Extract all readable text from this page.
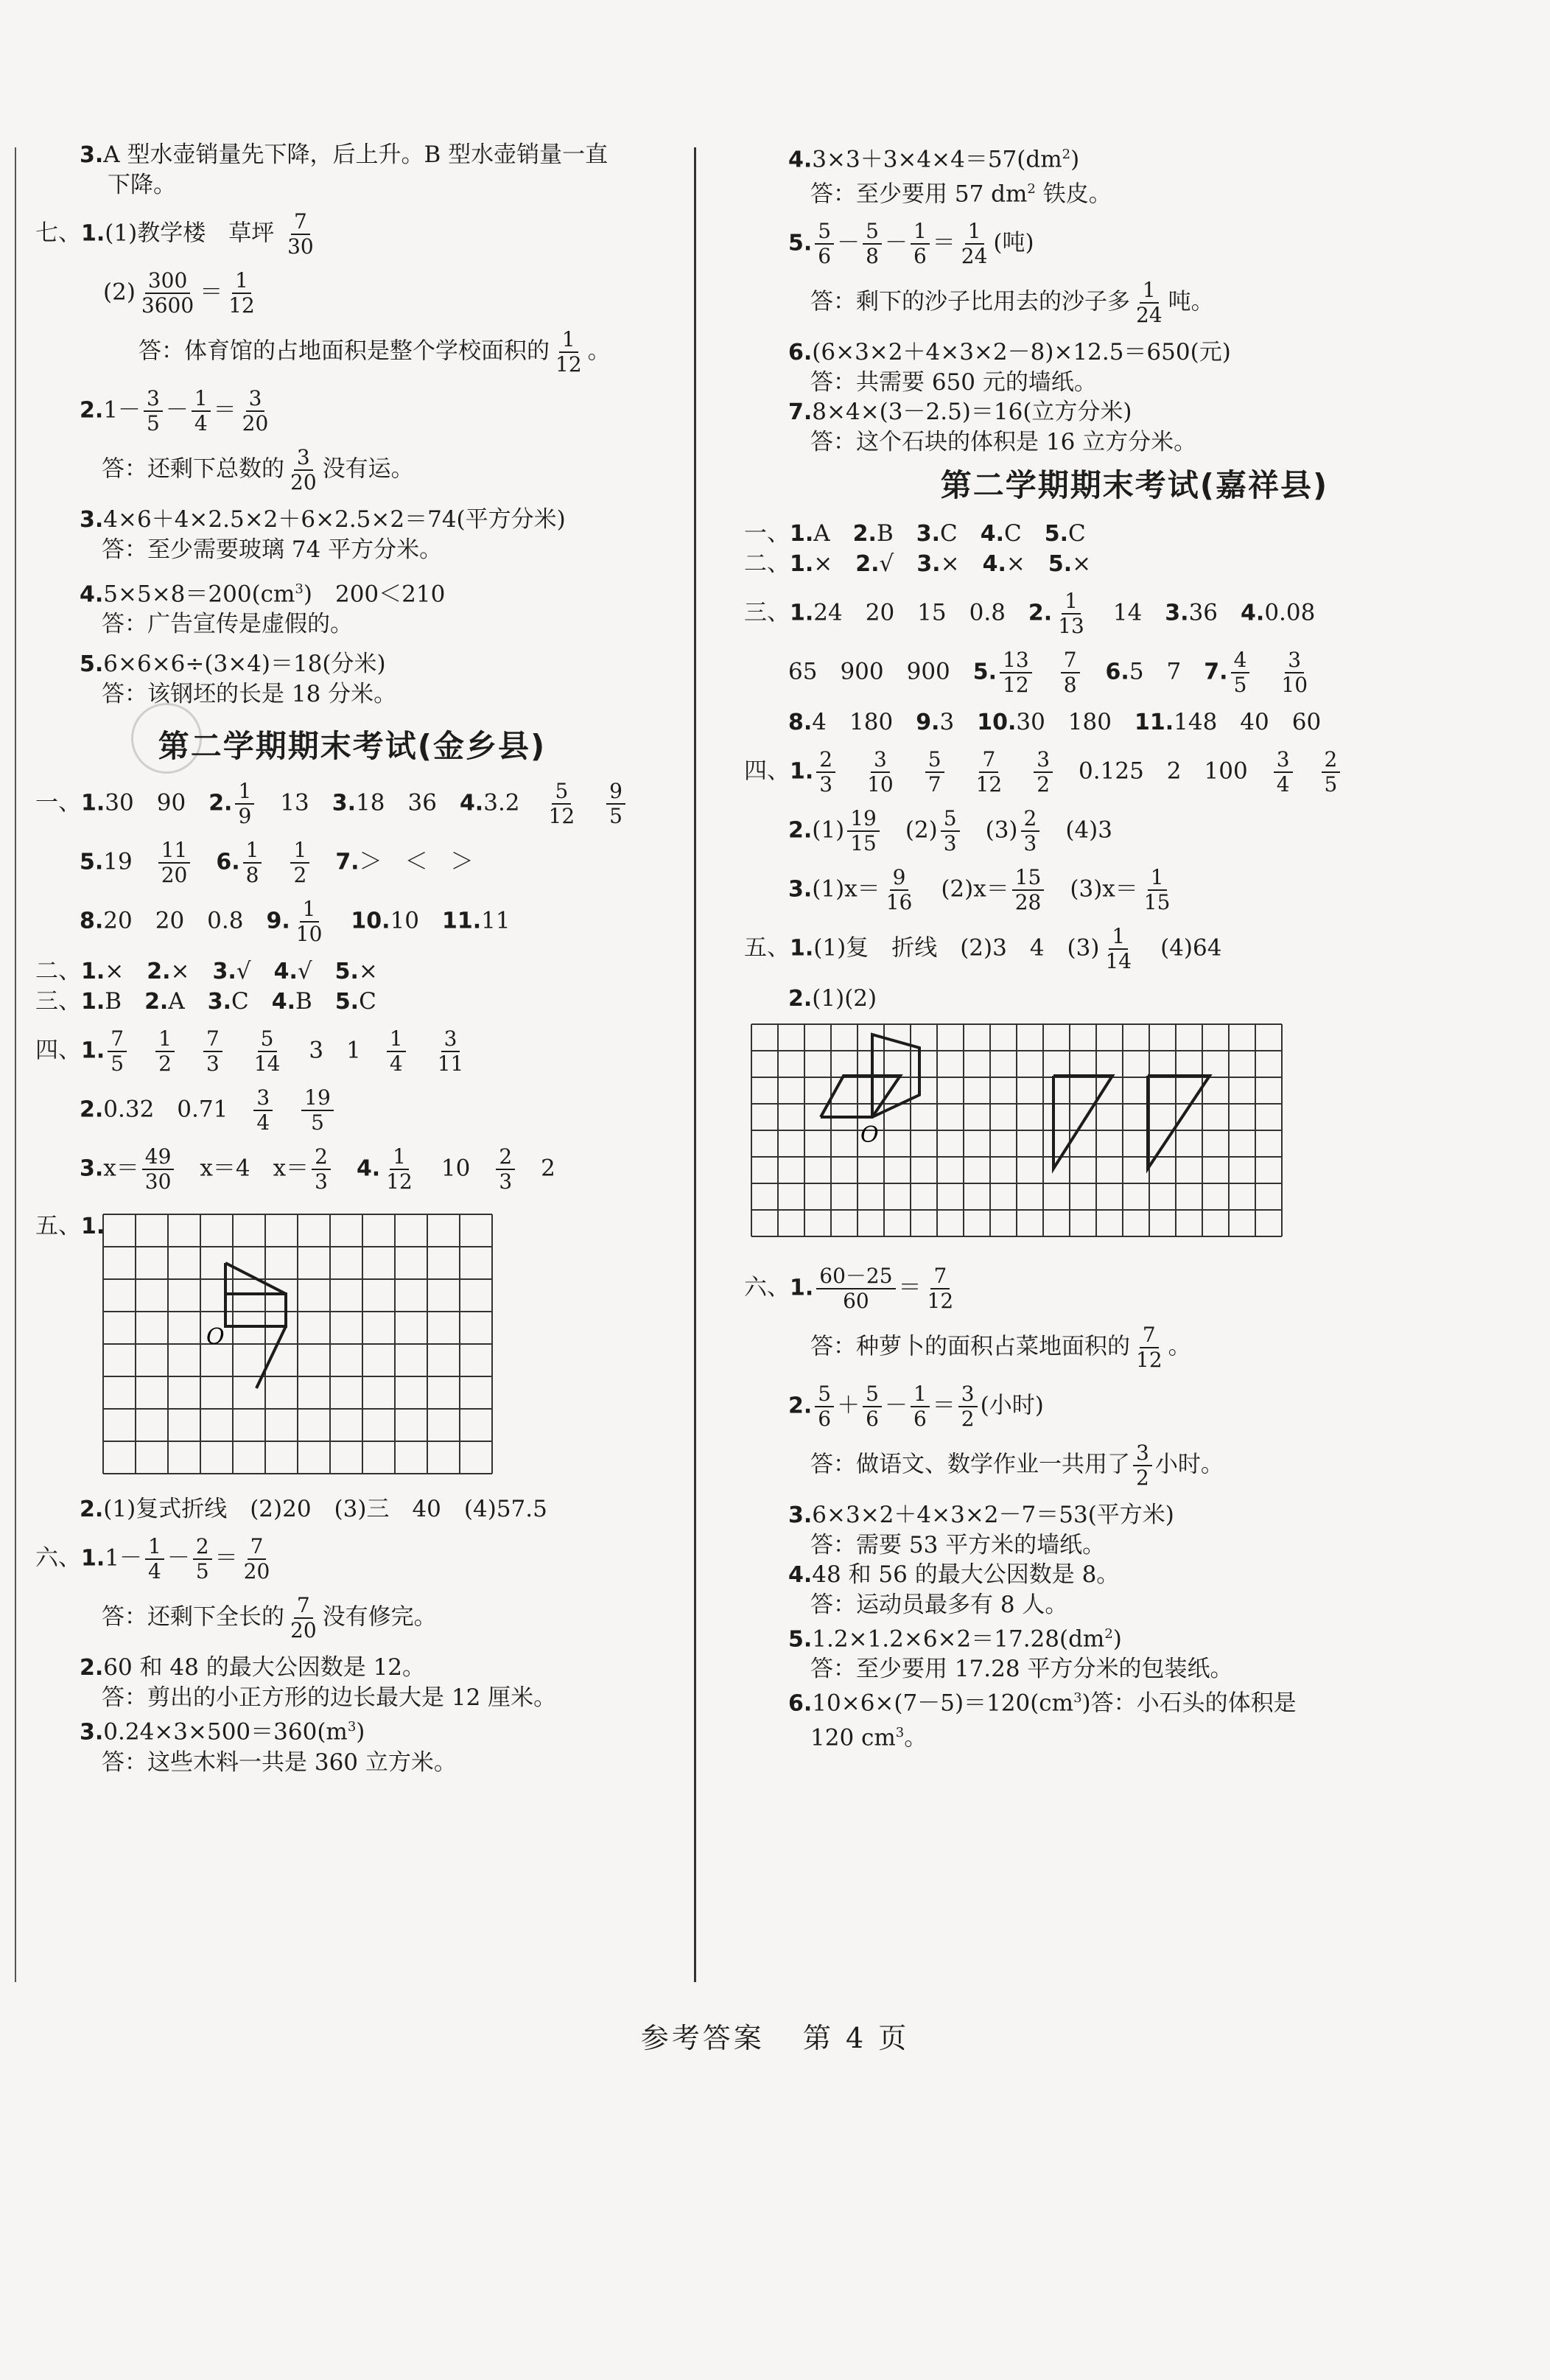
3.A 型水壶销量先下降，后上升。B 型水壶销量一直

下降。

七、1.(1)教学楼　草坪 $\frac{7}{30}$

$(2) \frac{300}{3600} = \frac{1}{12}$

答：体育馆的占地面积是整个学校面积的 $\frac{1}{12}$ 。

$2.1- \frac{3}{5} - \frac{1}{4} = \frac{3}{20}$

答：还剩下总数的 $\frac{3}{20}$ 没有运。

3.4×6＋4×2.5×2＋6×2.5×2＝74(平方分米)

答：至少需要玻璃 74 平方分米。

$4.5\times 5\times 8=200(cm^3)$　200＜210

答：广告宣传是虚假的。

5.6×6×6÷(3×4)＝18(分米)

答：该钢坯的长是 18 分米。

第二学期期末考试(金乡县)

一、1.30　90　 2. $\frac{1}{9}$
　 13　 3.18　36　 4.3.2　 $\frac{5}{12}$
　 $\frac{9}{5}$

5.19　 $\frac{11}{20}$
　 6. $\frac{1}{8}$
　 $\frac{1}{2}$
　 7.＞　＜　＞

8.20　20　0.8　 9. $\frac{1}{10}$
　 10.10　 11.11

二、1.×　 2.×　 3.√　 4.√　 5.×

三、1.B　 2.A　 3.C　 4.B　 5.C

四、1. $\frac{7}{5}$
　 $\frac{1}{2}$
　 $\frac{7}{3}$
　 $\frac{5}{14}$
　 3　1　 $\frac{1}{4}$
　 $\frac{3}{11}$

2.0.32　0.71　 $\frac{3}{4}$
　 $\frac{19}{5}$

$3.x= \frac{49}{30}$
　 x＝4　$x= \frac{2}{3}$
　 4. $\frac{1}{12}$
　 10　 $\frac{2}{3}$
　 2

五、1.

O

2.(1)复式折线　(2)20　(3)三　40　(4)57.5

六、$1.1- \frac{1}{4} - \frac{2}{5} = \frac{7}{20}$

答：还剩下全长的 $\frac{7}{20}$ 没有修完。

2.60 和 48 的最大公因数是 12。

答：剪出的小正方形的边长最大是 12 厘米。

$3.0.24\times 3\times 500=360(m^3)$

答：这些木料一共是 360 立方米。

$4.3\times 3+3\times 4\times 4=57(dm^2)$

答：至少要用 57 $dm^2$ 铁皮。

5. $\frac{5}{6} - \frac{5}{8} - \frac{1}{6} = \frac{1}{24}$ (吨)

答：剩下的沙子比用去的沙子多 $\frac{1}{24}$ 吨。

6.(6×3×2＋4×3×2－8)×12.5＝650(元)

答：共需要 650 元的墙纸。

7.8×4×(3－2.5)＝16(立方分米)

答：这个石块的体积是 16 立方分米。

第二学期期末考试(嘉祥县)

一、1.A　 2.B　 3.C　 4.C　 5.C

二、1.×　 2.√　 3.×　 4.×　 5.×

三、1.24　20　15　0.8　 2. $\frac{1}{13}$
　 14　 3.36　 4.0.08

65　900　900　 5. $\frac{13}{12}$
　 $\frac{7}{8}$
　 6.5　7　 7. $\frac{4}{5}$
　 $\frac{3}{10}$

8.4　180　 9.3　 10.30　180　 11.148　40　60

四、1. $\frac{2}{3}$
　 $\frac{3}{10}$
　 $\frac{5}{7}$
　 $\frac{7}{12}$
　 $\frac{3}{2}$
　 0.125　2　100　 $\frac{3}{4}$
　 $\frac{2}{5}$

$2.(1) \frac{19}{15}$
　 $(2) \frac{5}{3}$
　 $(3) \frac{2}{3}$
　 (4)3

$3.(1)x= \frac{9}{16}$
　 $(2)x= \frac{15}{28}$
　 $(3)x= \frac{1}{15}$

五、1.(1)复　折线　(2)3　4　$(3) \frac{1}{14}$
　 (4)64

2.(1)(2)

O

六、1. $\frac{60-25}{60} = \frac{7}{12}$

答：种萝卜的面积占菜地面积的 $\frac{7}{12}$ 。

2. $\frac{5}{6} + \frac{5}{6} - \frac{1}{6} = \frac{3}{2}$ (小时)

答：做语文、数学作业一共用了 $\frac{3}{2}$ 小时。

3.6×3×2＋4×3×2－7＝53(平方米)

答：需要 53 平方米的墙纸。

4.48 和 56 的最大公因数是 8。

答：运动员最多有 8 人。

$5.1.2\times 1.2\times 6\times 2=17.28(dm^2)$

答：至少要用 17.28 平方分米的包装纸。

$6.10\times 6\times(7-5)=120(cm^3)$答：小石头的体积是

120 $cm^3$。

参考答案 第 4 页
